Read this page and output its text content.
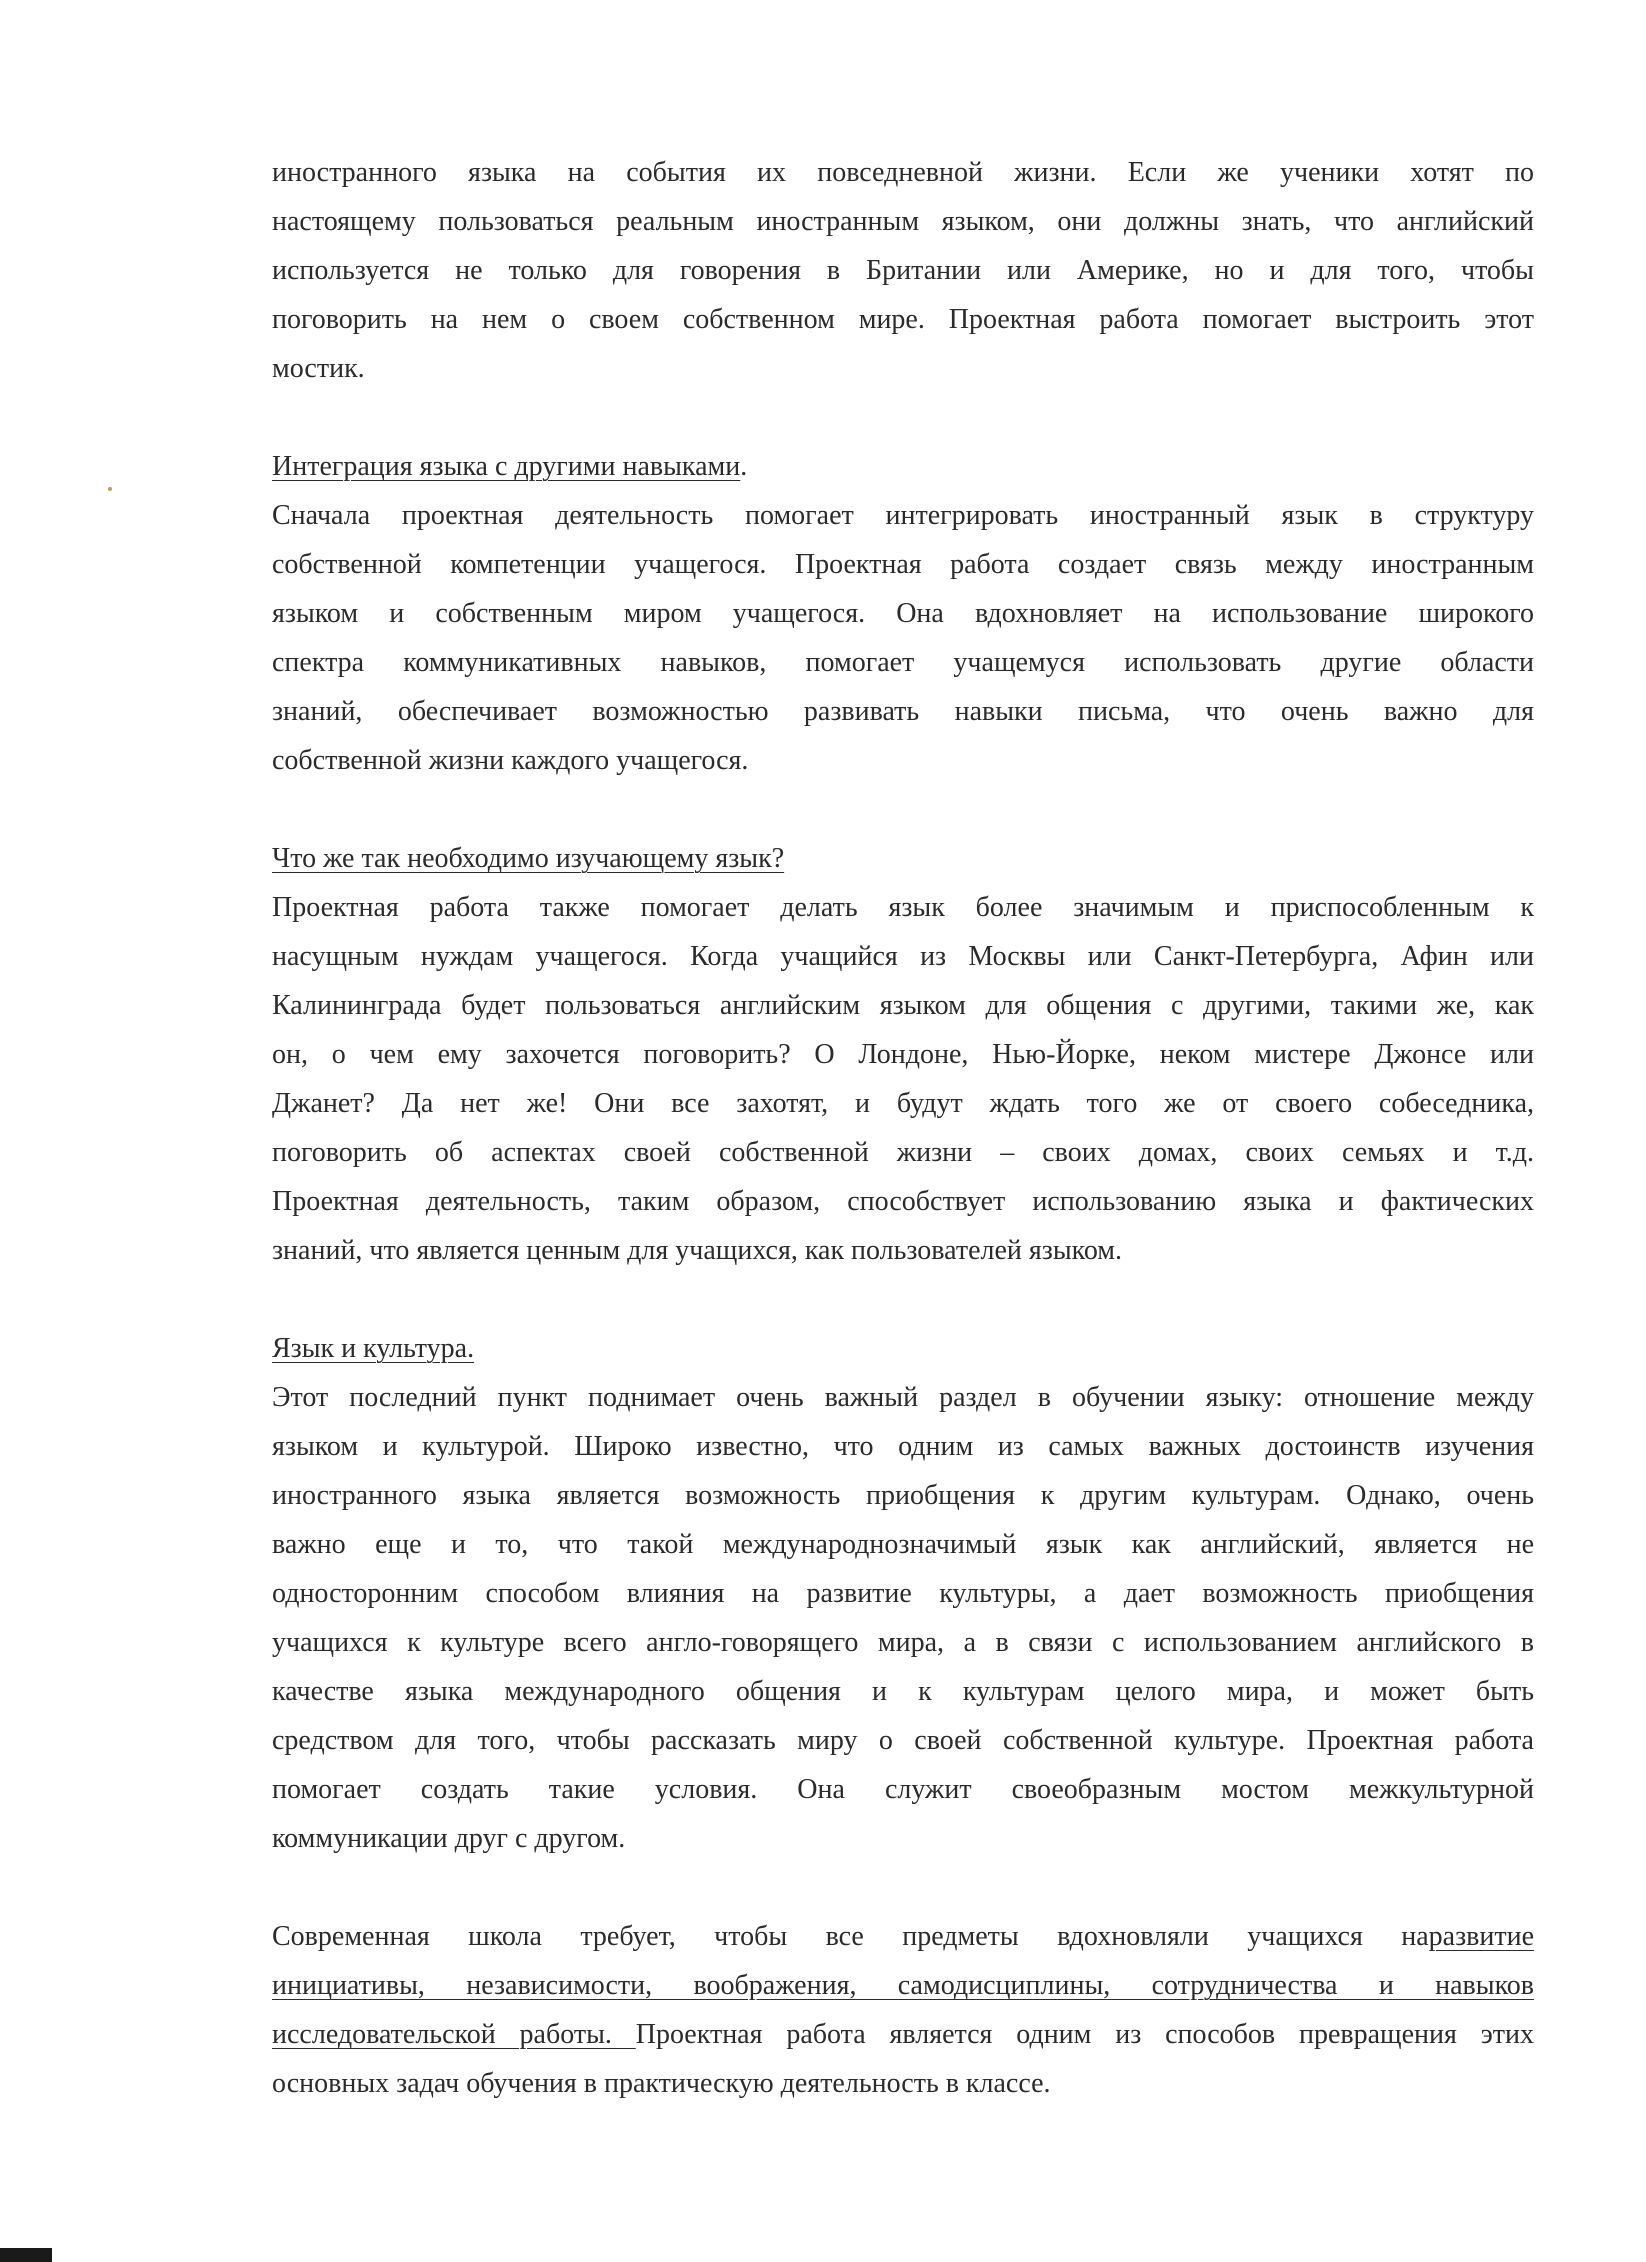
иностранного языка на события их повседневной жизни. Если же ученики хотят по
настоящему пользоваться реальным иностранным языком, они должны знать, что английский
используется не только для говорения в Британии или Америке, но и для того, чтобы
поговорить на нем о своем собственном мире. Проектная работа помогает выстроить этот
мостик.
Интеграция языка с другими навыками.
Сначала проектная деятельность помогает интегрировать иностранный язык в структуру
собственной компетенции учащегося. Проектная работа создает связь между иностранным
языком и собственным миром учащегося. Она вдохновляет на использование широкого
спектра коммуникативных навыков, помогает учащемуся использовать другие области
знаний, обеспечивает возможностью развивать навыки письма, что очень важно для
собственной жизни каждого учащегося.
Что же так необходимо изучающему язык?
Проектная работа также помогает делать язык более значимым и приспособленным к
насущным нуждам учащегося. Когда учащийся из Москвы или Санкт-Петербурга, Афин или
Калининграда будет пользоваться английским языком для общения с другими, такими же, как
он, о чем ему захочется поговорить? О Лондоне, Нью-Йорке, неком мистере Джонсе или
Джанет? Да нет же! Они все захотят, и будут ждать того же от своего собеседника,
поговорить об аспектах своей собственной жизни – своих домах, своих семьях и т.д.
Проектная деятельность, таким образом, способствует использованию языка и фактических
знаний, что является ценным для учащихся, как пользователей языком.
Язык и культура.
Этот последний пункт поднимает очень важный раздел в обучении языку: отношение между
языком и культурой. Широко известно, что одним из самых важных достоинств изучения
иностранного языка является возможность приобщения к другим культурам. Однако, очень
важно еще и то, что такой международнозначимый язык как английский, является не
односторонним способом влияния на развитие культуры, а дает возможность приобщения
учащихся к культуре всего англо-говорящего мира, а в связи с использованием английского в
качестве языка международного общения и к культурам целого мира, и может быть
средством для того, чтобы рассказать миру о своей собственной культуре. Проектная работа
помогает создать такие условия. Она служит своеобразным мостом межкультурной
коммуникации друг с другом.
Современная школа требует, чтобы все предметы вдохновляли учащихся наразвитие
инициативы, независимости, воображения, самодисциплины, сотрудничества и навыков
исследовательской работы. Проектная работа является одним из способов превращения этих
основных задач обучения в практическую деятельность в классе.
